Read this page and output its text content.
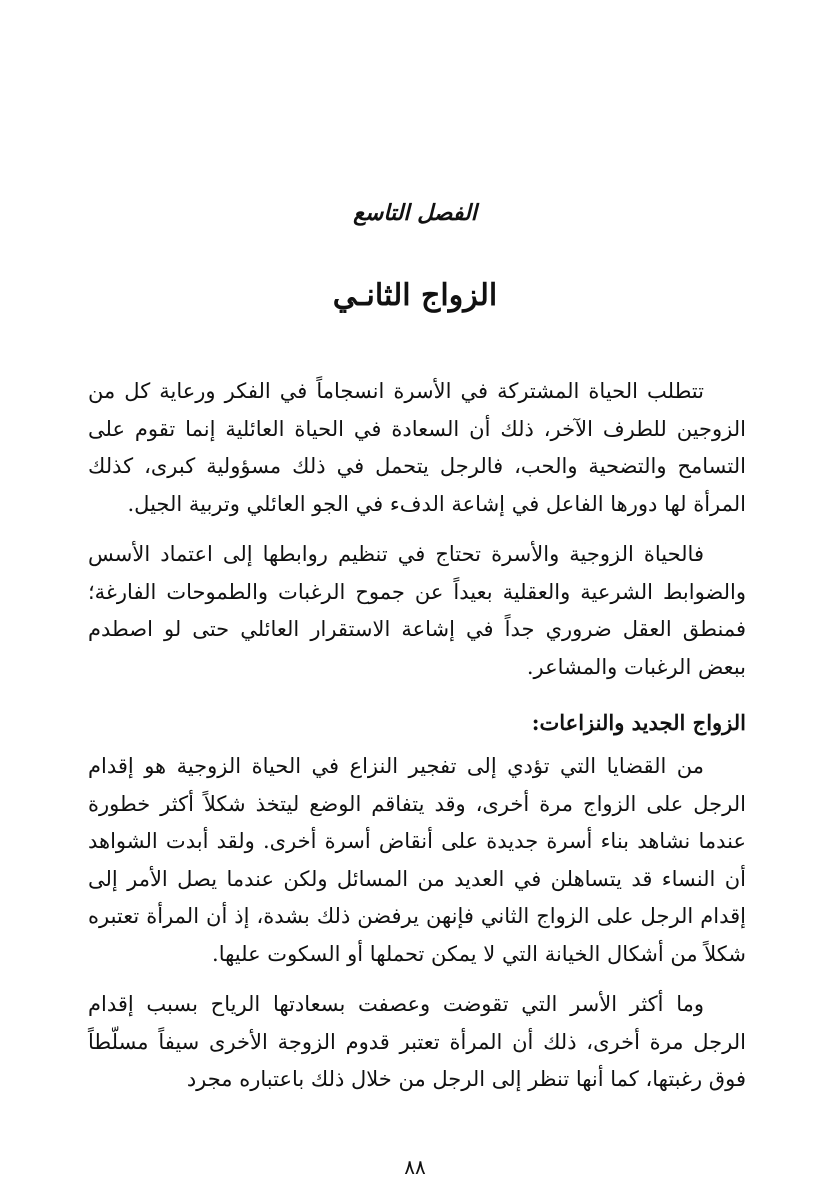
الفصل التاسع
الزواج الثانـي

تتطلب الحياة المشتركة في الأسرة انسجاماً في الفكر ورعاية كل من الزوجين للطرف الآخر، ذلك أن السعادة في الحياة العائلية إنما تقوم على التسامح والتضحية والحب، فالرجل يتحمل في ذلك مسؤولية كبرى، كذلك المرأة لها دورها الفاعل في إشاعة الدفء في الجو العائلي وتربية الجيل.

فالحياة الزوجية والأسرة تحتاج في تنظيم روابطها إلى اعتماد الأسس والضوابط الشرعية والعقلية بعيداً عن جموح الرغبات والطموحات الفارغة؛ فمنطق العقل ضروري جداً في إشاعة الاستقرار العائلي حتى لو اصطدم ببعض الرغبات والمشاعر.

الزواج الجديد والنزاعات:

من القضايا التي تؤدي إلى تفجير النزاع في الحياة الزوجية هو إقدام الرجل على الزواج مرة أخرى، وقد يتفاقم الوضع ليتخذ شكلاً أكثر خطورة عندما نشاهد بناء أسرة جديدة على أنقاض أسرة أخرى. ولقد أبدت الشواهد أن النساء قد يتساهلن في العديد من المسائل ولكن عندما يصل الأمر إلى إقدام الرجل على الزواج الثاني فإنهن يرفضن ذلك بشدة، إذ أن المرأة تعتبره شكلاً من أشكال الخيانة التي لا يمكن تحملها أو السكوت عليها.

وما أكثر الأسر التي تقوضت وعصفت بسعادتها الرياح بسبب إقدام الرجل مرة أخرى، ذلك أن المرأة تعتبر قدوم الزوجة الأخرى سيفاً مسلّطاً فوق رغبتها، كما أنها تنظر إلى الرجل من خلال ذلك باعتباره مجرد

٨٨
